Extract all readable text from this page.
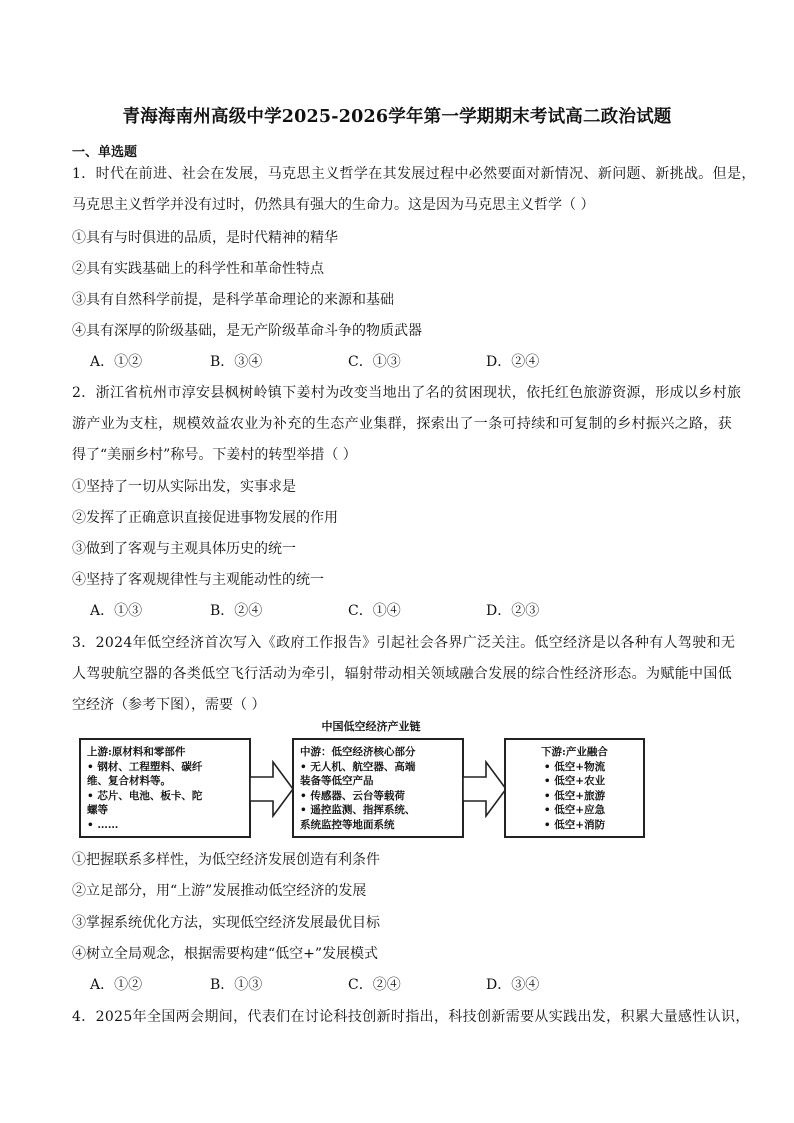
青海海南州高级中学2025-2026学年第一学期期末考试高二政治试题
一、单选题
1．时代在前进、社会在发展，马克思主义哲学在其发展过程中必然要面对新情况、新问题、新挑战。但是，
马克思主义哲学并没有过时，仍然具有强大的生命力。这是因为马克思主义哲学（ ）
①具有与时俱进的品质，是时代精神的精华
②具有实践基础上的科学性和革命性特点
③具有自然科学前提，是科学革命理论的来源和基础
④具有深厚的阶级基础，是无产阶级革命斗争的物质武器
A．①②	B．③④	C．①③	D．②④
2．浙江省杭州市淳安县枫树岭镇下姜村为改变当地出了名的贫困现状，依托红色旅游资源，形成以乡村旅
游产业为支柱，规模效益农业为补充的生态产业集群，探索出了一条可持续和可复制的乡村振兴之路，获
得了“美丽乡村”称号。下姜村的转型举措（ ）
①坚持了一切从实际出发，实事求是
②发挥了正确意识直接促进事物发展的作用
③做到了客观与主观具体历史的统一
④坚持了客观规律性与主观能动性的统一
A．①③	B．②④	C．①④	D．②③
3．2024年低空经济首次写入《政府工作报告》引起社会各界广泛关注。低空经济是以各种有人驾驶和无
人驾驶航空器的各类低空飞行活动为牵引，辐射带动相关领域融合发展的综合性经济形态。为赋能中国低
空经济（参考下图），需要（ ）
中国低空经济产业链
上游:原材料和零部件
• 钢材、工程塑料、碳纤
维、复合材料等。
• 芯片、电池、板卡、陀
螺等
• ……
中游：低空经济核心部分
• 无人机、航空器、高端
装备等低空产品
• 传感器、云台等载荷
• 遥控监测、指挥系统、
系统监控等地面系统
下游:产业融合
• 低空+物流
• 低空+农业
• 低空+旅游
• 低空+应急
• 低空+消防
①把握联系多样性，为低空经济发展创造有利条件
②立足部分，用“上游”发展推动低空经济的发展
③掌握系统优化方法，实现低空经济发展最优目标
④树立全局观念，根据需要构建“低空+”发展模式
A．①②	B．①③	C．②④	D．③④
4．2025年全国两会期间，代表们在讨论科技创新时指出，科技创新需要从实践出发，积累大量感性认识，
